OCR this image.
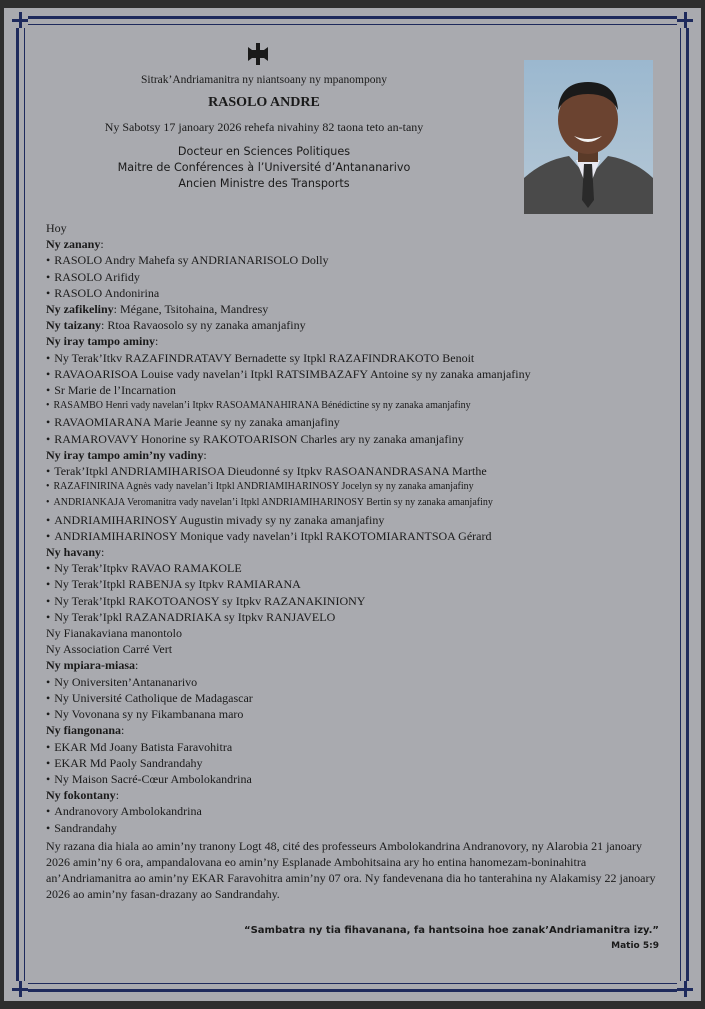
Sitrak’Andriamanitra ny niantsoany ny mpanompony
RASOLO ANDRE
Ny Sabotsy 17 janoary 2026 rehefa nivahiny 82 taona teto an-tany
Docteur en Sciences Politiques
Maitre de Conférences à l’Université d’Antananarivo
Ancien Ministre des Transports
Hoy
Ny zanany:
• RASOLO Andry Mahefa sy ANDRIANARISOLO Dolly
• RASOLO Arifidy
• RASOLO Andonirina
Ny zafikeliny: Mégane, Tsitohaina, Mandresy
Ny taizany: Rtoa Ravaosolo sy ny zanaka amanjafiny
Ny iray tampo aminy:
• Ny Terak’Itkv RAZAFINDRATAVY Bernadette sy Itpkl RAZAFINDRAKOTO Benoit
• RAVAOARISOA Louise vady navelan’i Itpkl RATSIMBAZAFY Antoine sy ny zanaka amanjafiny
• Sr Marie de l’Incarnation
• RASAMBO Henri vady navelan’i Itpkv RASOAMANAHIRANA Bénédictine sy ny zanaka amanjafiny
• RAVAOMIARANA Marie Jeanne sy ny zanaka amanjafiny
• RAMAROVAVY Honorine sy RAKOTOARISON Charles ary ny zanaka amanjafiny
Ny iray tampo amin’ny vadiny:
• Terak’Itpkl ANDRIAMIHARISOA Dieudonné sy Itpkv RASOANANDRASANA Marthe
• RAZAFINIRINA Agnès vady navelan’i Itpkl ANDRIAMIHARINOSY Jocelyn sy ny zanaka amanjafiny
• ANDRIANKAJA Veromanitra vady navelan’i Itpkl ANDRIAMIHARINOSY Bertin sy ny zanaka amanjafiny
• ANDRIAMIHARINOSY Augustin mivady sy ny zanaka amanjafiny
• ANDRIAMIHARINOSY Monique vady navelan’i Itpkl RAKOTOMIARANTSOA Gérard
Ny havany:
• Ny Terak’Itpkv RAVAO RAMAKOLE
• Ny Terak’Itpkl RABENJA sy Itpkv RAMIARANA
• Ny Terak’Itpkl RAKOTOANOSY sy Itpkv RAZANAKINIONY
• Ny Terak’Ipkl RAZANADRIAKA sy Itpkv RANJAVELO
Ny Fianakaviana manontolo
Ny Association Carré Vert
Ny mpiara-miasa:
• Ny Oniversiten’Antananarivo
• Ny Université Catholique de Madagascar
• Ny Vovonana sy ny Fikambanana maro
Ny fiangonana:
• EKAR Md Joany Batista Faravohitra
• EKAR Md Paoly Sandrandahy
• Ny Maison Sacré-Cœur Ambolokandrina
Ny fokontany:
• Andranovory Ambolokandrina
• Sandrandahy
Ny razana dia hiala ao amin’ny tranony Logt 48, cité des professeurs Ambolokandrina Andranovory, ny Alarobia 21 janoary 2026 amin’ny 6 ora, ampandalovana eo amin’ny Esplanade Ambohitsaina ary ho entina hanomezam-boninahitra an’Andriamanitra ao amin’ny EKAR Faravohitra amin’ny 07 ora. Ny fandevenana dia ho tanterahina ny Alakamisy 22 janoary 2026 ao amin’ny fasan-drazany ao Sandrandahy.
“Sambatra ny tia fihavanana, fa hantsoina hoe zanak’Andriamanitra izy.”
Matio 5:9
